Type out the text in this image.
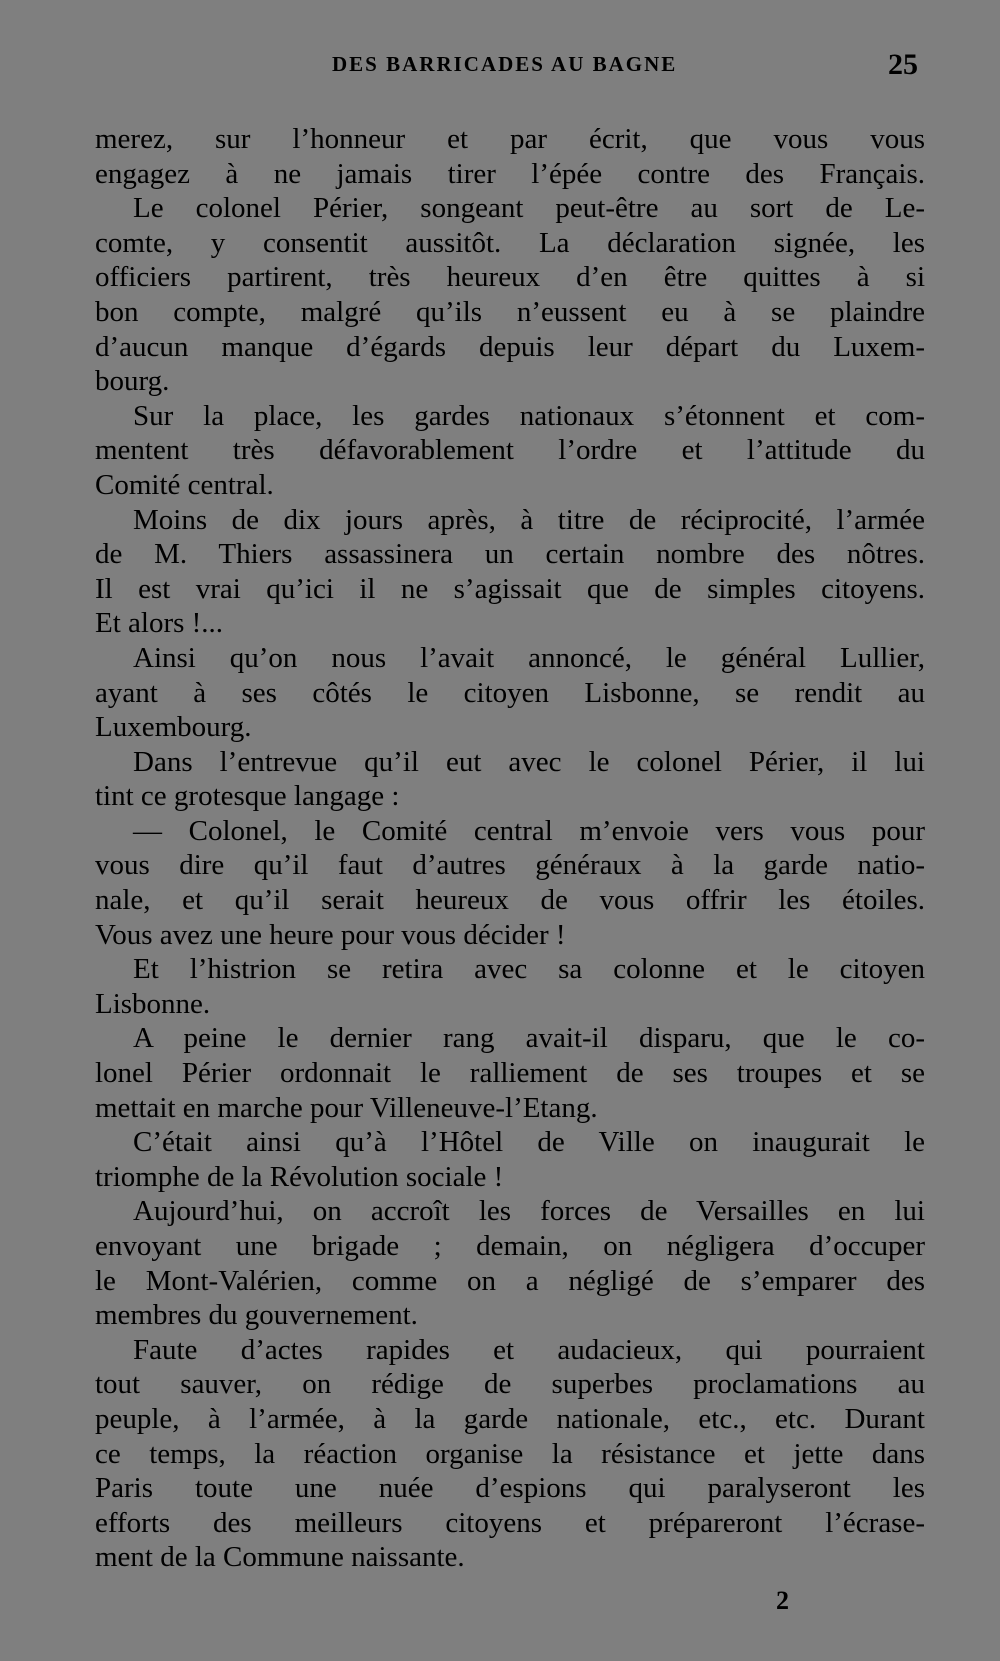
DES BARRICADES AU BAGNE	25
merez, sur l’honneur et par écrit, que vous vous
engagez à ne jamais tirer l’épée contre des Français.
Le colonel Périer, songeant peut-être au sort de Le-
comte, y consentit aussitôt. La déclaration signée, les
officiers partirent, très heureux d’en être quittes à si
bon compte, malgré qu’ils n’eussent eu à se plaindre
d’aucun manque d’égards depuis leur départ du Luxem-
bourg.
Sur la place, les gardes nationaux s’étonnent et com-
mentent très défavorablement l’ordre et l’attitude du
Comité central.
Moins de dix jours après, à titre de réciprocité, l’armée
de M. Thiers assassinera un certain nombre des nôtres.
Il est vrai qu’ici il ne s’agissait que de simples citoyens.
Et alors !...
Ainsi qu’on nous l’avait annoncé, le général Lullier,
ayant à ses côtés le citoyen Lisbonne, se rendit au
Luxembourg.
Dans l’entrevue qu’il eut avec le colonel Périer, il lui
tint ce grotesque langage :
— Colonel, le Comité central m’envoie vers vous pour
vous dire qu’il faut d’autres généraux à la garde natio-
nale, et qu’il serait heureux de vous offrir les étoiles.
Vous avez une heure pour vous décider !
Et l’histrion se retira avec sa colonne et le citoyen
Lisbonne.
A peine le dernier rang avait-il disparu, que le co-
lonel Périer ordonnait le ralliement de ses troupes et se
mettait en marche pour Villeneuve-l’Etang.
C’était ainsi qu’à l’Hôtel de Ville on inaugurait le
triomphe de la Révolution sociale !
Aujourd’hui, on accroît les forces de Versailles en lui
envoyant une brigade ; demain, on négligera d’occuper
le Mont-Valérien, comme on a négligé de s’emparer des
membres du gouvernement.
Faute d’actes rapides et audacieux, qui pourraient
tout sauver, on rédige de superbes proclamations au
peuple, à l’armée, à la garde nationale, etc., etc. Durant
ce temps, la réaction organise la résistance et jette dans
Paris toute une nuée d’espions qui paralyseront les
efforts des meilleurs citoyens et prépareront l’écrase-
ment de la Commune naissante.
2
